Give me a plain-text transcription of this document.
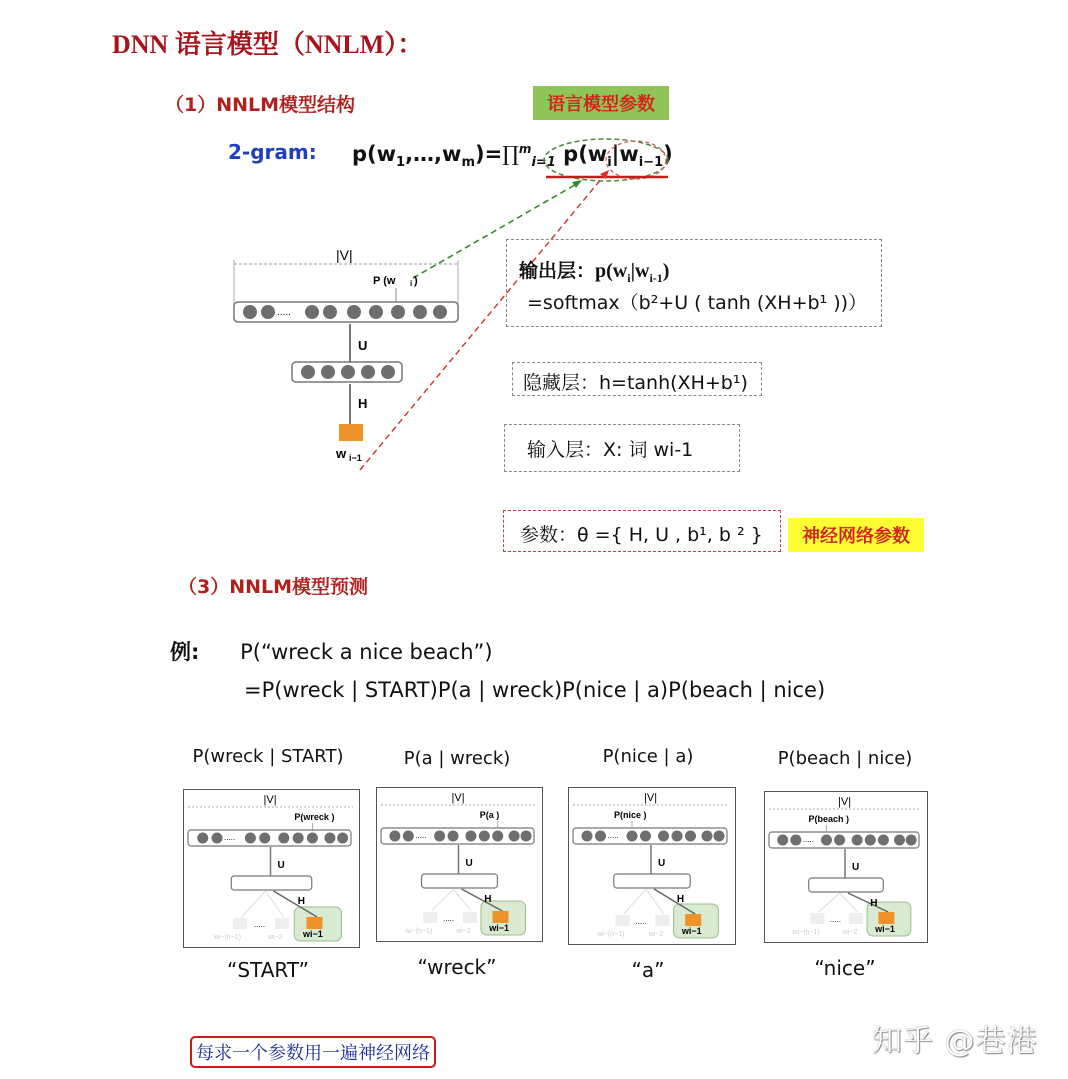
DNN 语言模型（NNLM）：
（1）NNLM模型结构	语言模型参数
2-gram: $p(w_1,\dots,w_m)=\prod^m_{i=1}$ $p(w_i|w_{i-1})$
|V|
P (w i )
.....
U
H
w i−1
输出层：$p(w_i|w_{i-1})$
=softmax（b²+U ( tanh (XH+b¹ ))）
隐藏层：h=tanh(XH+b¹)
输入层：X: 词 wi-1
参数：θ ={ H, U , b¹, b ² }	神经网络参数
（3）NNLM模型预测
例: P(“wreck a nice beach”)
=P(wreck | START)P(a | wreck)P(nice | a)P(beach | nice)
P(wreck | START)
|V|
P(wreck )
.....
U
H
.....
wi−(n−1)	wi−2 wi−1
“START”
P(a | wreck)
|V|
P(a )
.....
U
H
.....
wi−(n−1)	wi−2 wi−1
“wreck”
P(nice | a)
|V|
P(nice )
.....
U
H
.....
wi−(n−1)	wi−2 wi−1
“a”
P(beach | nice)
|V|
P(beach )
.....
U
H
.....
wi−(n−1)	wi−2 wi−1
“nice”
每求一个参数用一遍神经网络	知乎 @巷港
